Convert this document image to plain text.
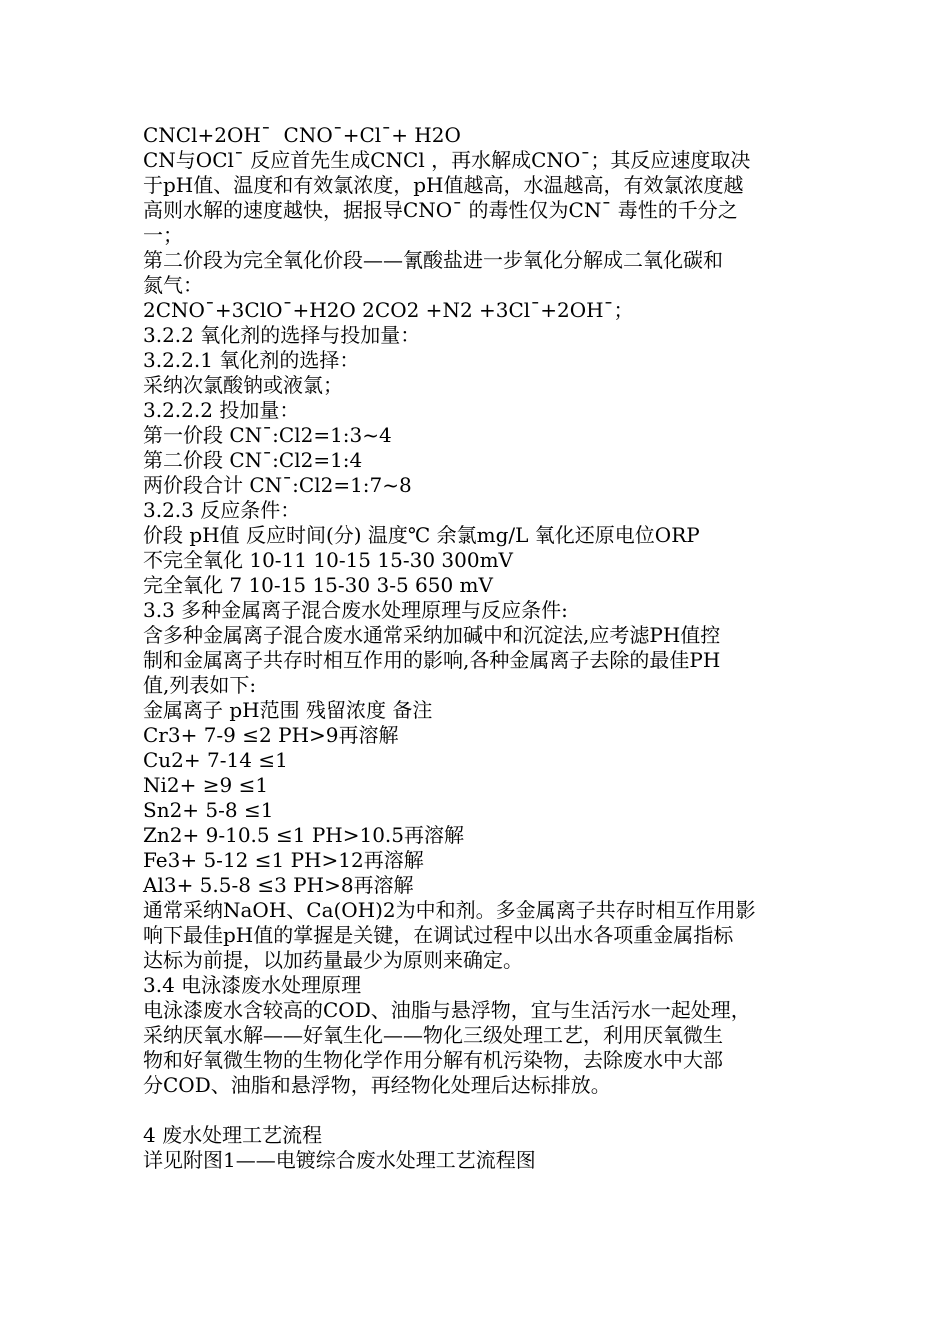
CNCl+2OH¯  CNO¯+Cl¯+ H2O
CN与OCl¯ 反应首先生成CNCl ，再水解成CNO¯；其反应速度取决
于pH值、温度和有效氯浓度，pH值越高，水温越高，有效氯浓度越
高则水解的速度越快，据报导CNO¯ 的毒性仅为CN¯ 毒性的千分之
一；
第二价段为完全氧化价段——氰酸盐进一步氧化分解成二氧化碳和
氮气：
2CNO¯+3ClO¯+H2O 2CO2 +N2 +3Cl¯+2OH¯；
3.2.2 氧化剂的选择与投加量：
3.2.2.1 氧化剂的选择：
采纳次氯酸钠或液氯；
3.2.2.2 投加量：
第一价段 CN¯:Cl2=1:3~4
第二价段 CN¯:Cl2=1:4
两价段合计 CN¯:Cl2=1:7~8
3.2.3 反应条件：
价段 pH值 反应时间(分) 温度℃ 余氯mg/L 氧化还原电位ORP
不完全氧化 10-11 10-15 15-30 300mV
完全氧化 7 10-15 15-30 3-5 650 mV
3.3 多种金属离子混合废水处理原理与反应条件:
含多种金属离子混合废水通常采纳加碱中和沉淀法,应考滤PH值控
制和金属离子共存时相互作用的影响,各种金属离子去除的最佳PH
值,列表如下:
金属离子 pH范围 残留浓度 备注
Cr3+ 7-9 ≤2 PH>9再溶解
Cu2+ 7-14 ≤1
Ni2+ ≥9 ≤1
Sn2+ 5-8 ≤1
Zn2+ 9-10.5 ≤1 PH>10.5再溶解
Fe3+ 5-12 ≤1 PH>12再溶解
Al3+ 5.5-8 ≤3 PH>8再溶解
通常采纳NaOH、Ca(OH)2为中和剂。多金属离子共存时相互作用影
响下最佳pH值的掌握是关键，在调试过程中以出水各项重金属指标
达标为前提，以加药量最少为原则来确定。
3.4 电泳漆废水处理原理
电泳漆废水含较高的COD、油脂与悬浮物，宜与生活污水一起处理，
采纳厌氧水解——好氧生化——物化三级处理工艺，利用厌氧微生
物和好氧微生物的生物化学作用分解有机污染物，去除废水中大部
分COD、油脂和悬浮物，再经物化处理后达标排放。
4 废水处理工艺流程
详见附图1——电镀综合废水处理工艺流程图
